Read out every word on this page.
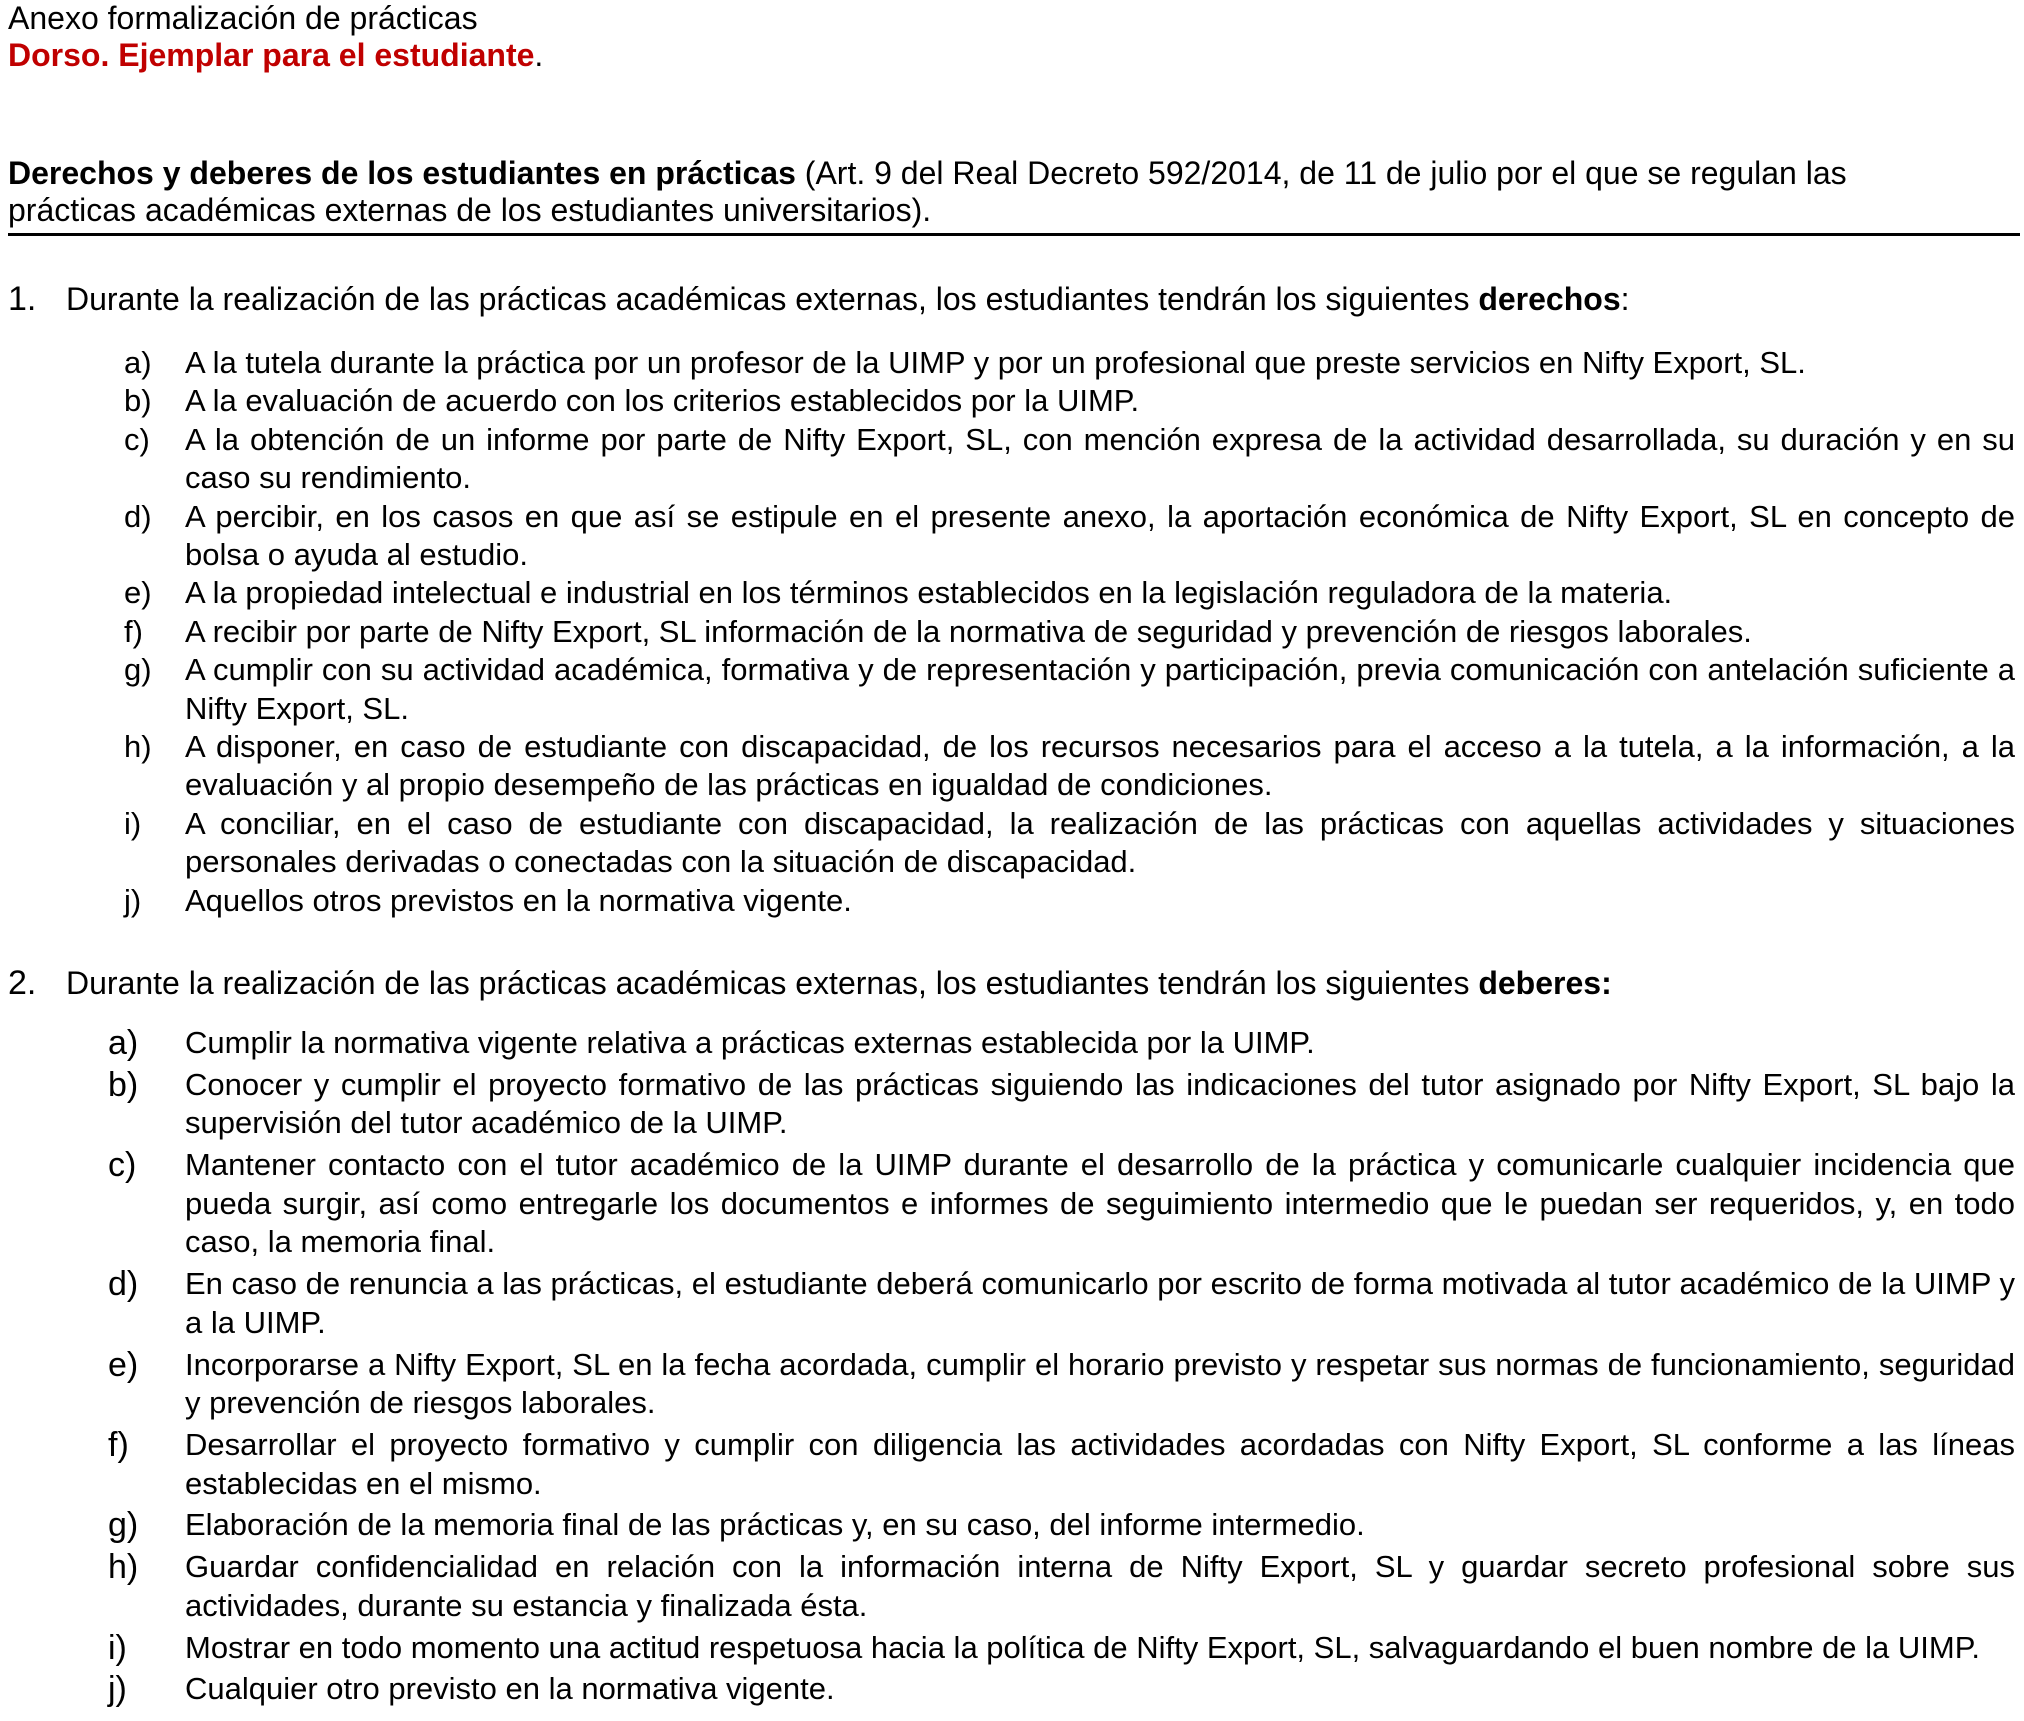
Anexo formalización de prácticas
Dorso. Ejemplar para el estudiante.
Derechos y deberes de los estudiantes en prácticas (Art. 9 del Real Decreto 592/2014, de 11 de julio por el que se regulan las
prácticas académicas externas de los estudiantes universitarios).
1. Durante la realización de las prácticas académicas externas, los estudiantes tendrán los siguientes derechos:
a)	A la tutela durante la práctica por un profesor de la UIMP y por un profesional que preste servicios en Nifty Export, SL.
b)	A la evaluación de acuerdo con los criterios establecidos por la UIMP.
c)	A la obtención de un informe por parte de Nifty Export, SL, con mención expresa de la actividad desarrollada, su duración y en su caso su rendimiento.
d)	A percibir, en los casos en que así se estipule en el presente anexo, la aportación económica de Nifty Export, SL en concepto de bolsa o ayuda al estudio.
e)	A la propiedad intelectual e industrial en los términos establecidos en la legislación reguladora de la materia.
f)	A recibir por parte de Nifty Export, SL información de la normativa de seguridad y prevención de riesgos laborales.
g)	A cumplir con su actividad académica, formativa y de representación y participación, previa comunicación con antelación suficiente a Nifty Export, SL.
h)	A disponer, en caso de estudiante con discapacidad, de los recursos necesarios para el acceso a la tutela, a la información, a la evaluación y al propio desempeño de las prácticas en igualdad de condiciones.
i)	A conciliar, en el caso de estudiante con discapacidad, la realización de las prácticas con aquellas actividades y situaciones personales derivadas o conectadas con la situación de discapacidad.
j)	Aquellos otros previstos en la normativa vigente.
2. Durante la realización de las prácticas académicas externas, los estudiantes tendrán los siguientes deberes:
a)	Cumplir la normativa vigente relativa a prácticas externas establecida por la UIMP.
b)	Conocer y cumplir el proyecto formativo de las prácticas siguiendo las indicaciones del tutor asignado por Nifty Export, SL bajo la supervisión del tutor académico de la UIMP.
c)	Mantener contacto con el tutor académico de la UIMP durante el desarrollo de la práctica y comunicarle cualquier incidencia que pueda surgir, así como entregarle los documentos e informes de seguimiento intermedio que le puedan ser requeridos, y, en todo caso, la memoria final.
d)	En caso de renuncia a las prácticas, el estudiante deberá comunicarlo por escrito de forma motivada al tutor académico de la UIMP y a la UIMP.
e)	Incorporarse a Nifty Export, SL en la fecha acordada, cumplir el horario previsto y respetar sus normas de funcionamiento, seguridad y prevención de riesgos laborales.
f)	Desarrollar el proyecto formativo y cumplir con diligencia las actividades acordadas con Nifty Export, SL conforme a las líneas establecidas en el mismo.
g)	Elaboración de la memoria final de las prácticas y, en su caso, del informe intermedio.
h)	Guardar confidencialidad en relación con la información interna de Nifty Export, SL y guardar secreto profesional sobre sus actividades, durante su estancia y finalizada ésta.
i)	Mostrar en todo momento una actitud respetuosa hacia la política de Nifty Export, SL, salvaguardando el buen nombre de la UIMP.
j)	Cualquier otro previsto en la normativa vigente.
